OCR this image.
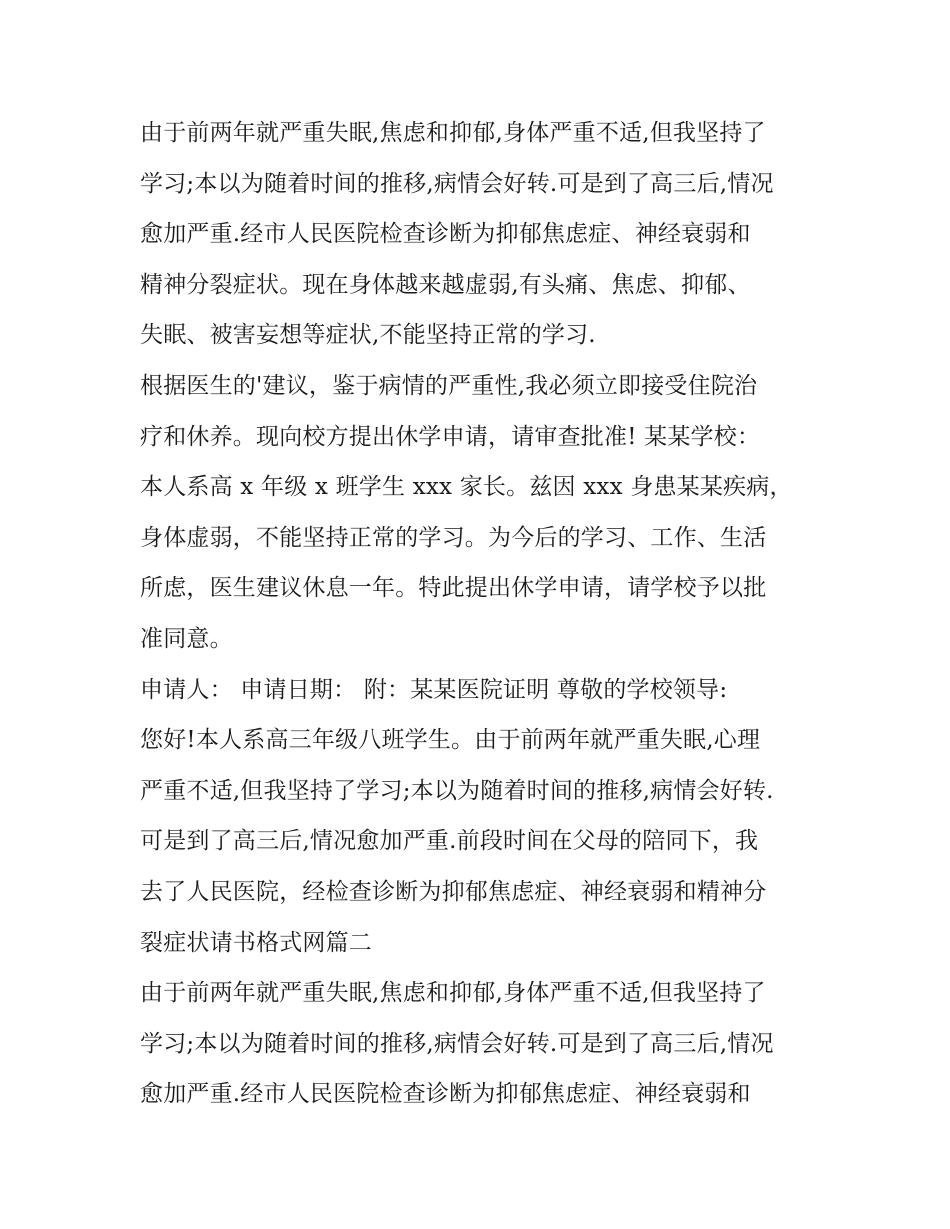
由于前两年就严重失眠,焦虑和抑郁,身体严重不适,但我坚持了
学习;本以为随着时间的推移,病情会好转.可是到了高三后,情况
愈加严重.经市人民医院检查诊断为抑郁焦虑症、神经衰弱和
精神分裂症状。现在身体越来越虚弱,有头痛、焦虑、抑郁、
失眠、被害妄想等症状,不能坚持正常的学习.
根据医生的'建议，鉴于病情的严重性,我必须立即接受住院治
疗和休养。现向校方提出休学申请，请审查批准! 某某学校：
本人系高 x 年级 x 班学生 xxx 家长。兹因 xxx 身患某某疾病，
身体虚弱，不能坚持正常的学习。为今后的学习、工作、生活
所虑，医生建议休息一年。特此提出休学申请，请学校予以批
准同意。
申请人： 申请日期： 附：某某医院证明 尊敬的学校领导:
您好!本人系高三年级八班学生。由于前两年就严重失眠,心理
严重不适,但我坚持了学习;本以为随着时间的推移,病情会好转.
可是到了高三后,情况愈加严重.前段时间在父母的陪同下，我
去了人民医院，经检查诊断为抑郁焦虑症、神经衰弱和精神分
裂症状请书格式网篇二
由于前两年就严重失眠,焦虑和抑郁,身体严重不适,但我坚持了
学习;本以为随着时间的推移,病情会好转.可是到了高三后,情况
愈加严重.经市人民医院检查诊断为抑郁焦虑症、神经衰弱和
